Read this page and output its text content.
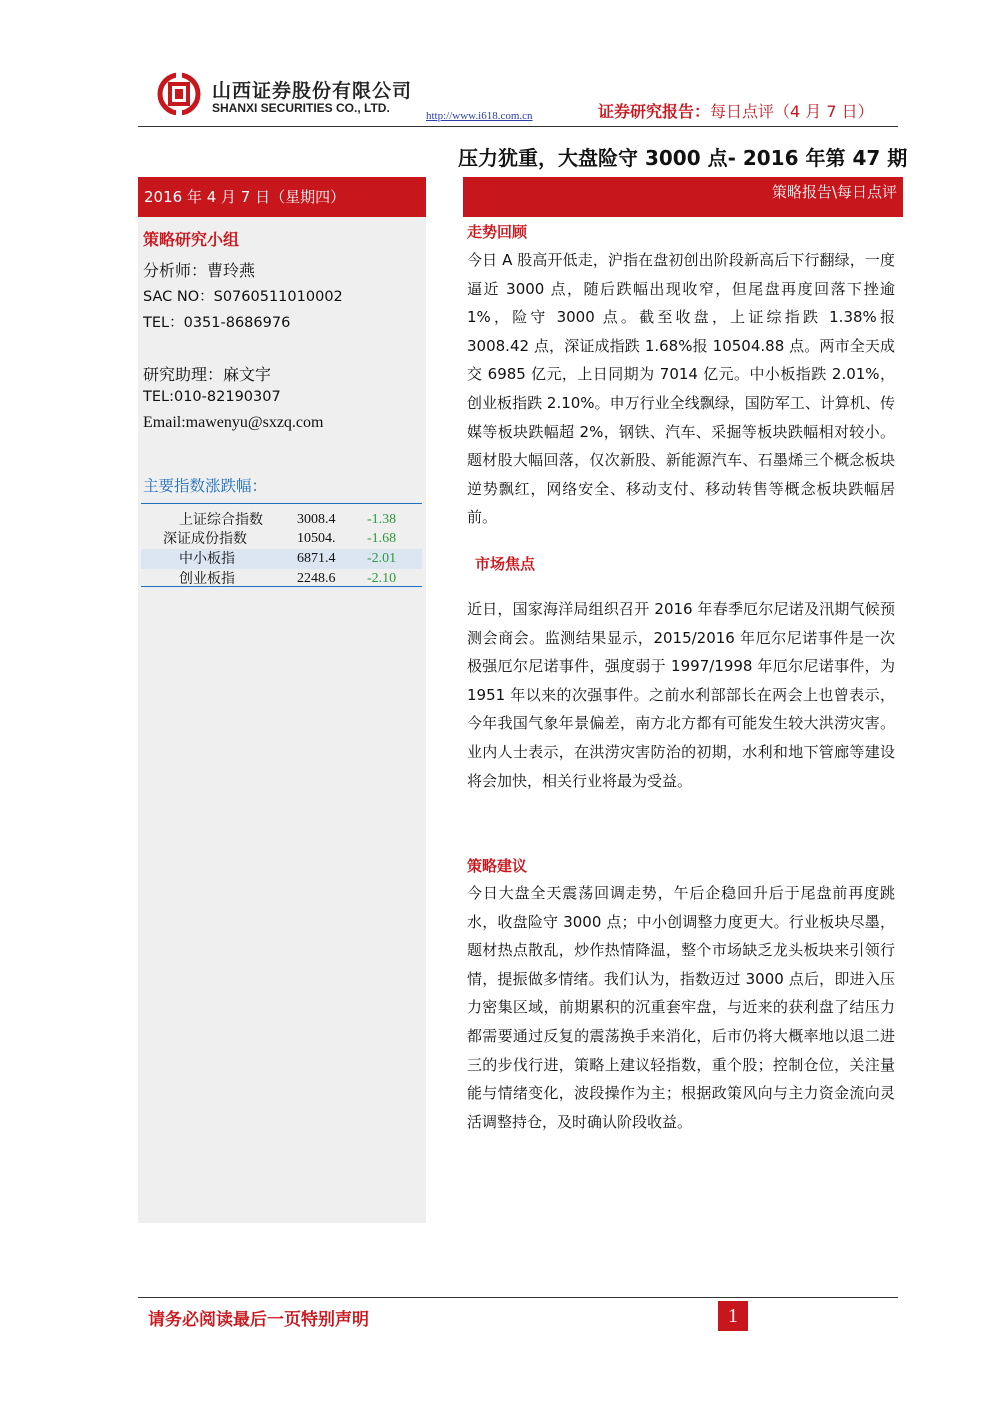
山西证券股份有限公司
SHANXI SECURITIES CO., LTD.
http://www.i618.com.cn	证券研究报告：每日点评（4 月 7 日）
压力犹重，大盘险守 3000 点- 2016 年第 47 期
2016 年 4 月 7 日（星期四）
策略研究小组
分析师：曹玲燕
SAC NO：S0760511010002
TEL：0351-8686976
研究助理：麻文宇
TEL:010-82190307
Email:mawenyu@sxzq.com
主要指数涨跌幅：
上证综合指数	3008.4	-1.38
深证成份指数	10504.	-1.68
中小板指	6871.4	-2.01
创业板指	2248.6	-2.10
策略报告\每日点评
走势回顾

今日 A 股高开低走，沪指在盘初创出阶段新高后下行翻绿，一度逼近 3000 点，随后跌幅出现收窄，但尾盘再度回落下挫逾 1%，险守 3000 点。截至收盘，上证综指跌 1.38%报 3008.42 点，深证成指跌 1.68%报 10504.88 点。两市全天成交 6985 亿元，上日同期为 7014 亿元。中小板指跌 2.01%，创业板指跌 2.10%。申万行业全线飘绿，国防军工、计算机、传媒等板块跌幅超 2%，钢铁、汽车、采掘等板块跌幅相对较小。题材股大幅回落，仅次新股、新能源汽车、石墨烯三个概念板块逆势飘红，网络安全、移动支付、移动转售等概念板块跌幅居前。

市场焦点

近日，国家海洋局组织召开 2016 年春季厄尔尼诺及汛期气候预测会商会。监测结果显示，2015/2016 年厄尔尼诺事件是一次极强厄尔尼诺事件，强度弱于 1997/1998 年厄尔尼诺事件，为 1951 年以来的次强事件。之前水利部部长在两会上也曾表示，今年我国气象年景偏差，南方北方都有可能发生较大洪涝灾害。业内人士表示，在洪涝灾害防治的初期，水利和地下管廊等建设将会加快，相关行业将最为受益。

策略建议

今日大盘全天震荡回调走势，午后企稳回升后于尾盘前再度跳水，收盘险守 3000 点；中小创调整力度更大。行业板块尽墨，题材热点散乱，炒作热情降温，整个市场缺乏龙头板块来引领行情，提振做多情绪。我们认为，指数迈过 3000 点后，即进入压力密集区域，前期累积的沉重套牢盘，与近来的获利盘了结压力都需要通过反复的震荡换手来消化，后市仍将大概率地以退二进三的步伐行进，策略上建议轻指数，重个股；控制仓位，关注量能与情绪变化，波段操作为主；根据政策风向与主力资金流向灵活调整持仓，及时确认阶段收益。

请务必阅读最后一页特别声明	1
